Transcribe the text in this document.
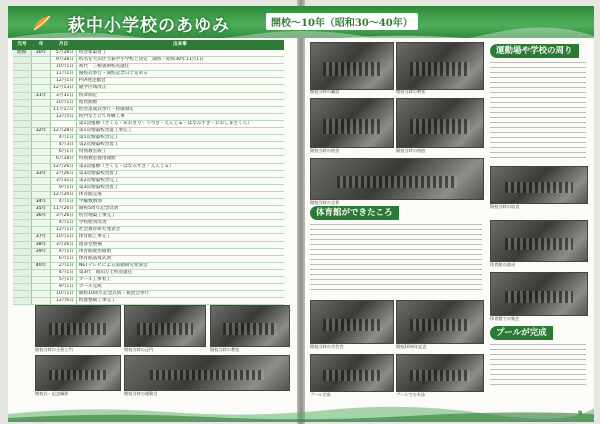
萩中小学校のあゆみ	開校～10年（昭和30～40年）
元号	年	月日	出来事
昭和	30年	5月28日	校舎新築着工
		9月28日	校名を大田区立萩中小学校と決定　開校・昭和30年11月1日
		10月1日	初代　三根義則校長就任
		11月1日	開校式挙行・開校記念日と定める
		12月1日	PTA発足総会
		12月13日	通学区域改正
	31年	3月31日	校章制定
		10月1日	給食開始
		11月17日	校舎落成式挙行・校歌制定
		12月5日	校門などにて外構工事
			第1次植樹（さくら・あおぎり・うつき・えんじゅ・はなみずき・おおしまざくら）
	32年	12月28日	第1次増築校舎落工事完了
		4月1日	第1次増築校舎完工
		4月3日	第2次増築校舎着工
		6月1日	特別教室竣工
		6月18日	特別教室使用開始
		12月26日	第2次植樹（さくら・はなみずき・えんじゅ）
	33年	2月26日	第3次増築校舎着工
		3月31日	第2次増築校舎完工
		9月1日	第3次増築校舎着工
		12月20日	体育館完成
	34年	4月1日	学級数増加
	35年	11月26日	開校5周年記念式典
	36年	3月26日	校舎増築工事完了
		4月1日	学校給食改善
		12月1日	社会教育研究発表会
	37年	10月1日	体育館工事完了
	38年	3月26日	図書室整備
	39年	4月1日	体育館使用開始
		6月1日	体育館落成式典
	40年	2月1日	NETテレビによる道徳研究発表会
		4月1日	第3代　岡田万七校長就任
		5月1日	プール工事着工
		9月1日	プール完成
		10月1日	開校10周年記念式典・祝賀会挙行
		12月6日	校庭整備工事完了
開校当時の全景と門	開校当時の正門	開校当時の教室
開校式・記念撮影	開校当時の運動会
開校当時の職員	開校当時の教室
開校当時の校舎	開校当時の校庭
開校当時の全景
開校当時の給食
体育館の落成
体育館での集会
開校当時の学芸会	開校10周年記念
プール完成	プールでの水泳
運動場や学校の周り
体育館ができたころ
プールが完成
9
